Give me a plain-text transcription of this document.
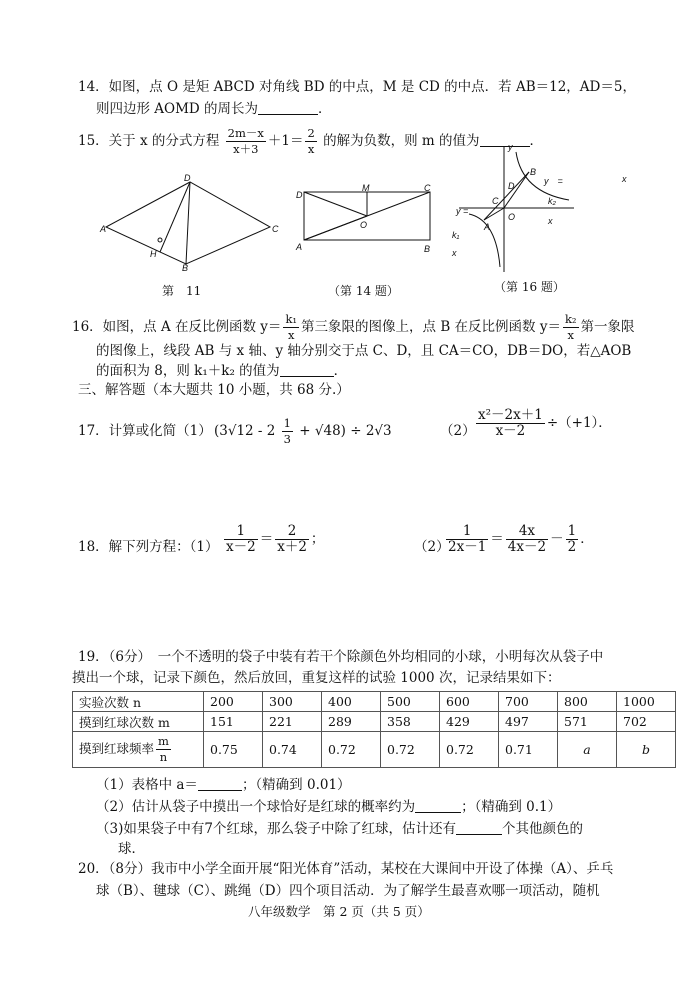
14．如图，点 O 是矩 ABCD 对角线 BD 的中点，M 是 CD 的中点．若 AB＝12，AD＝5，
则四边形 AOMD 的周长为	．
15．关于 x 的分式方程 $\frac{2m-x}{x+3} +1= \frac{2}{x}$ 的解为负数，则 m 的值为	．
D
A
H
B
C
第　11
D
M	C
O
A	B
（第 14 题）
y
B
D
C
O
A
y　=
k₂
x
y =
k₁
x
x
（第 16 题）
16．如图，点 A 在反比例函数 $y= \frac{\text{k₁}}{x}$ 第三象限的图像上，点 B 在反比例函数 $y= \frac{\text{k₂}}{x}$ 第一象限
的图像上，线段 AB 与 x 轴、y 轴分别交于点 C、D，且 CA＝CO，DB＝DO，若△AOB
的面积为 8，则 k₁＋k₂ 的值为	．
三、解答题（本大题共 10 小题，共 68 分.）
17．计算或化简（1） $(3√12 - 2 \frac{1}{3} + √48) \div 2√3$	$(2) \frac{\text{x²－2x＋1}}{x-2} \div(+1)$．
18．解下列方程：$(1) \frac{1}{x-2} = \frac{2}{x+2}$ ；	（2）
$\frac{1}{2x-1} = \frac{4x}{4x-2} - \frac{1}{2}$ ．
19．（6分）　一个不透明的袋子中装有若干个除颜色外均相同的小球，小明每次从袋子中
摸出一个球，记录下颜色，然后放回，重复这样的试验 1000 次，记录结果如下：
实验次数 n	200	300	400	500	600	700	800	1000
摸到红球次数 m	151	221	289	358	429	497	571	702
摸到红球频率 $\frac{m}{n}$	0.75	0.74	0.72	0.72	0.72	0.71	a	b
（1）表格中 a＝	；（精确到 0.01）
（2）估计从袋子中摸出一个球恰好是红球的概率约为	；（精确到 0.1）
（3)如果袋子中有7个红球，那么袋子中除了红球，估计还有	个其他颜色的
球．
20．（8分）我市中小学全面开展“阳光体育”活动，某校在大课间中开设了体操（A）、乒乓
球（B）、毽球（C）、跳绳（D）四个项目活动．为了解学生最喜欢哪一项活动，随机
八年级数学　第 2 页（共 5 页）
